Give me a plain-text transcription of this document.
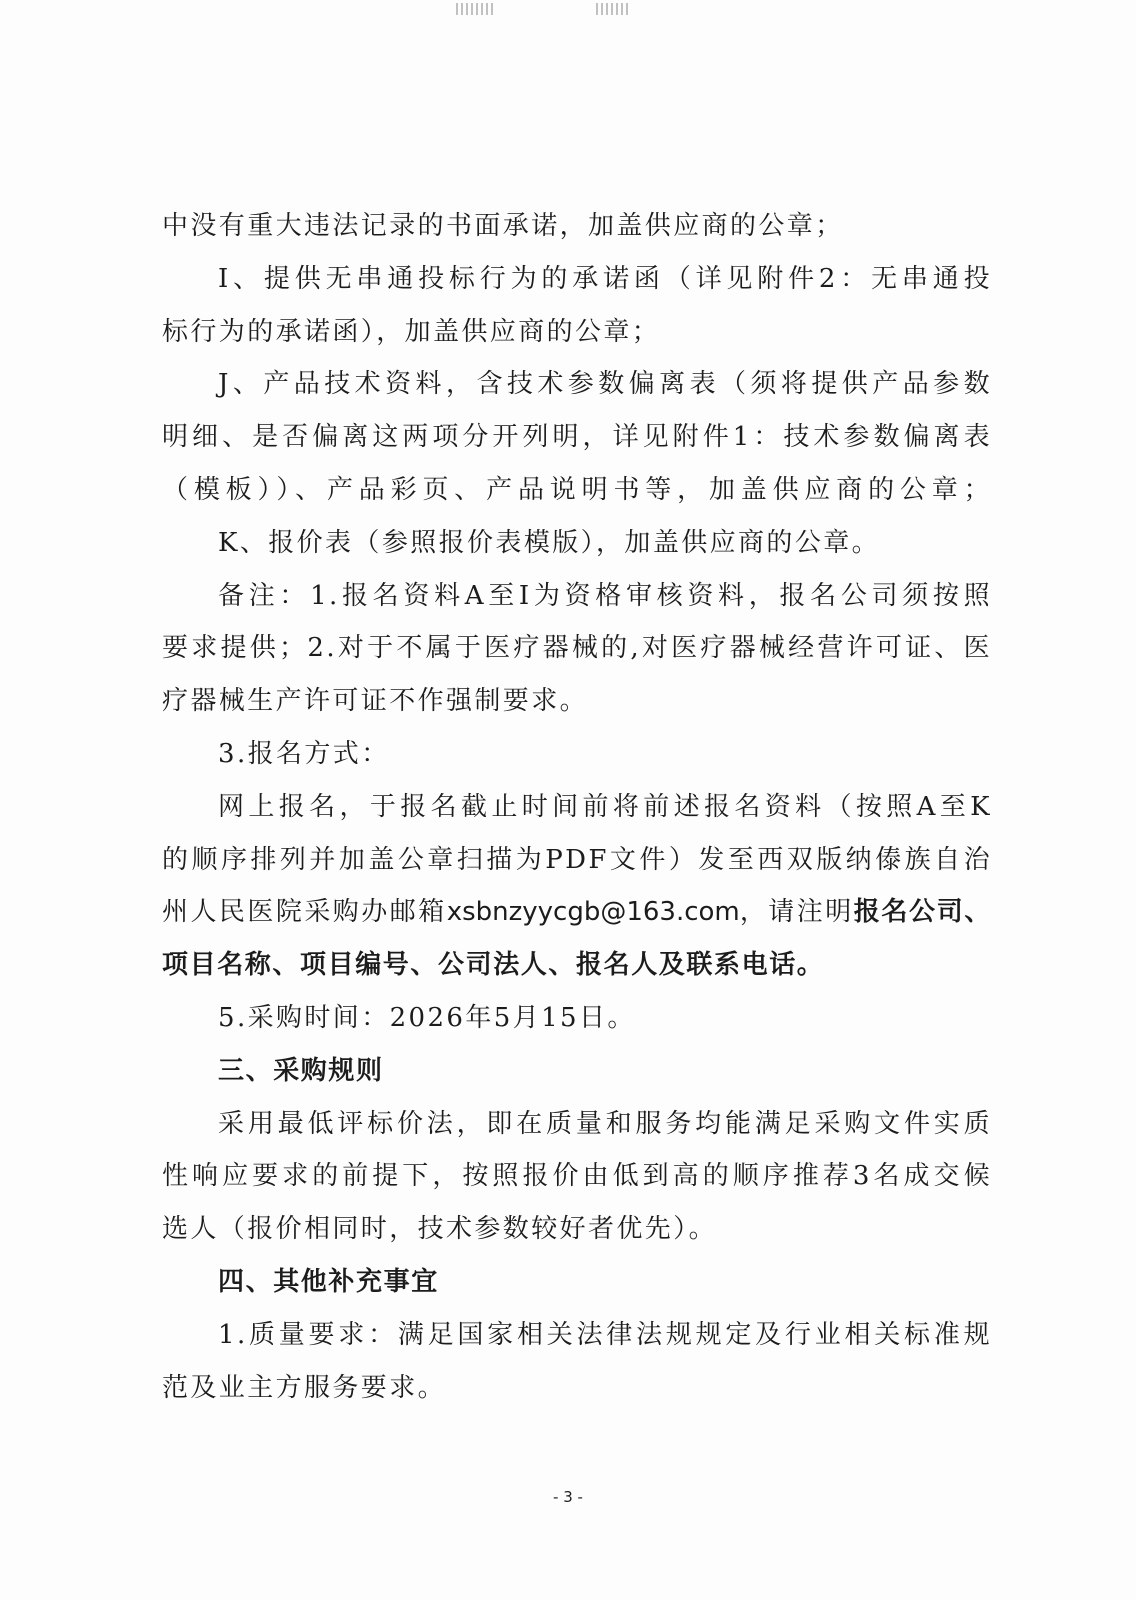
中没有重大违法记录的书面承诺，加盖供应商的公章；
I、提供无串通投标行为的承诺函（详见附件2：无串通投
标行为的承诺函），加盖供应商的公章；
J、产品技术资料，含技术参数偏离表（须将提供产品参数
明细、是否偏离这两项分开列明，详见附件1：技术参数偏离表
（模板））、产品彩页、产品说明书等，加盖供应商的公章；
K、报价表（参照报价表模版），加盖供应商的公章。
备注：1.报名资料A至I为资格审核资料，报名公司须按照
要求提供；2.对于不属于医疗器械的,对医疗器械经营许可证、医
疗器械生产许可证不作强制要求。
3.报名方式：
网上报名，于报名截止时间前将前述报名资料（按照A至K
的顺序排列并加盖公章扫描为PDF文件）发至西双版纳傣族自治
州人民医院采购办邮箱xsbnzyycgb@163.com，请注明报名公司、
项目名称、项目编号、公司法人、报名人及联系电话。
5.采购时间：2026年5月15日。
三、采购规则
采用最低评标价法，即在质量和服务均能满足采购文件实质
性响应要求的前提下，按照报价由低到高的顺序推荐3名成交候
选人（报价相同时，技术参数较好者优先）。
四、其他补充事宜
1.质量要求：满足国家相关法律法规规定及行业相关标准规
范及业主方服务要求。
- 3 -
